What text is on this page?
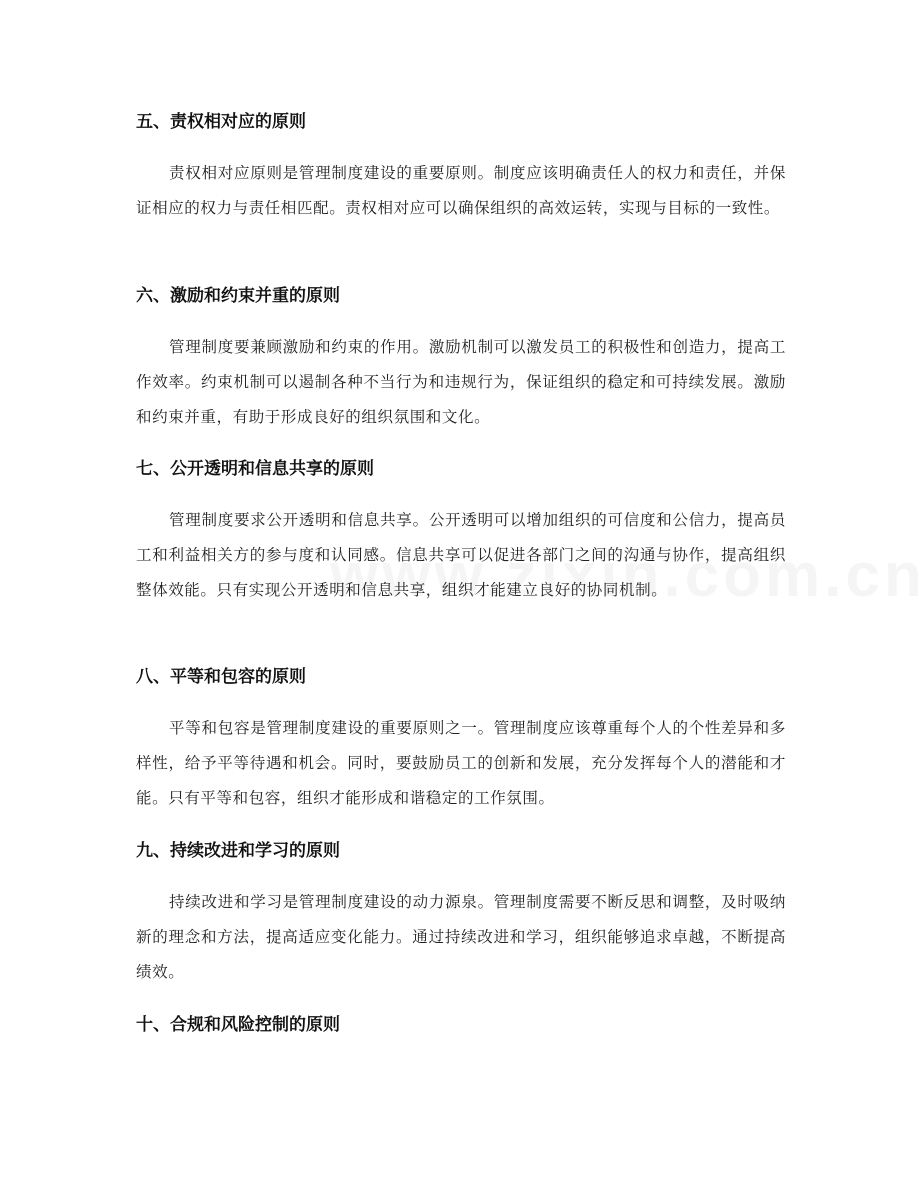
五、责权相对应的原则

责权相对应原则是管理制度建设的重要原则。制度应该明确责任人的权力和责任，并保证相应的权力与责任相匹配。责权相对应可以确保组织的高效运转，实现与目标的一致性。

六、激励和约束并重的原则

管理制度要兼顾激励和约束的作用。激励机制可以激发员工的积极性和创造力，提高工作效率。约束机制可以遏制各种不当行为和违规行为，保证组织的稳定和可持续发展。激励和约束并重，有助于形成良好的组织氛围和文化。

七、公开透明和信息共享的原则

管理制度要求公开透明和信息共享。公开透明可以增加组织的可信度和公信力，提高员工和利益相关方的参与度和认同感。信息共享可以促进各部门之间的沟通与协作，提高组织整体效能。只有实现公开透明和信息共享，组织才能建立良好的协同机制。

八、平等和包容的原则

平等和包容是管理制度建设的重要原则之一。管理制度应该尊重每个人的个性差异和多样性，给予平等待遇和机会。同时，要鼓励员工的创新和发展，充分发挥每个人的潜能和才能。只有平等和包容，组织才能形成和谐稳定的工作氛围。

九、持续改进和学习的原则

持续改进和学习是管理制度建设的动力源泉。管理制度需要不断反思和调整，及时吸纳新的理念和方法，提高适应变化能力。通过持续改进和学习，组织能够追求卓越，不断提高绩效。

十、合规和风险控制的原则
